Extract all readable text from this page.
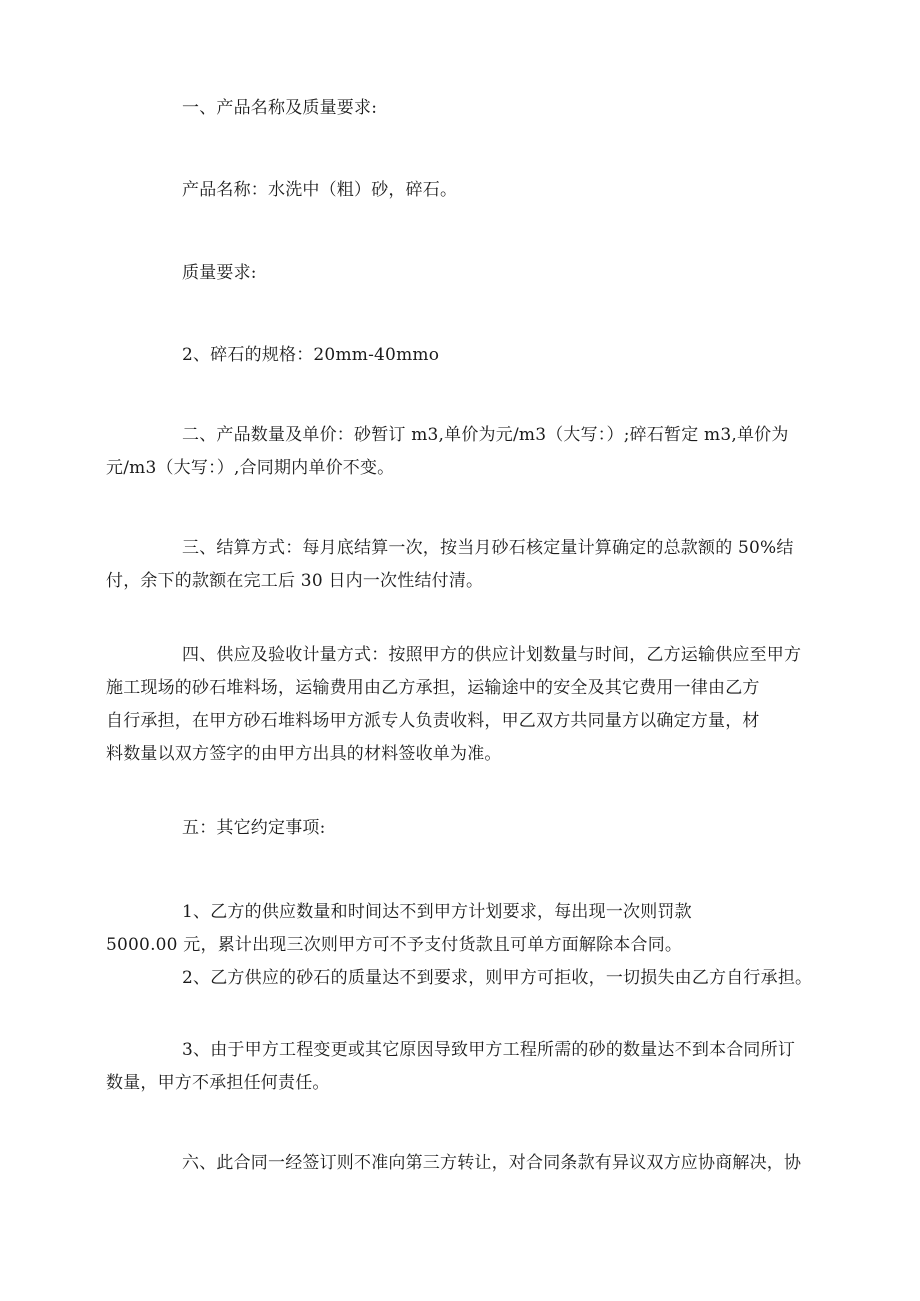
一、产品名称及质量要求:
产品名称：水洗中（粗）砂，碎石。
质量要求:
2、碎石的规格：20mm-40mmo
二、产品数量及单价：砂暂订 m3,单价为元/m3（大写：）;碎石暂定 m3,单价为
元/m3（大写：）,合同期内单价不变。
三、结算方式：每月底结算一次，按当月砂石核定量计算确定的总款额的 50%结
付，余下的款额在完工后 30 日内一次性结付清。
四、供应及验收计量方式：按照甲方的供应计划数量与时间，乙方运输供应至甲方
施工现场的砂石堆料场，运输费用由乙方承担，运输途中的安全及其它费用一律由乙方
自行承担，在甲方砂石堆料场甲方派专人负责收料，甲乙双方共同量方以确定方量，材
料数量以双方签字的由甲方出具的材料签收单为准。
五：其它约定事项:
1、乙方的供应数量和时间达不到甲方计划要求，每出现一次则罚款
5000.00 元，累计出现三次则甲方可不予支付货款且可单方面解除本合同。
2、乙方供应的砂石的质量达不到要求，则甲方可拒收，一切损失由乙方自行承担。
3、由于甲方工程变更或其它原因导致甲方工程所需的砂的数量达不到本合同所订
数量，甲方不承担任何责任。
六、此合同一经签订则不准向第三方转让，对合同条款有异议双方应协商解决，协
